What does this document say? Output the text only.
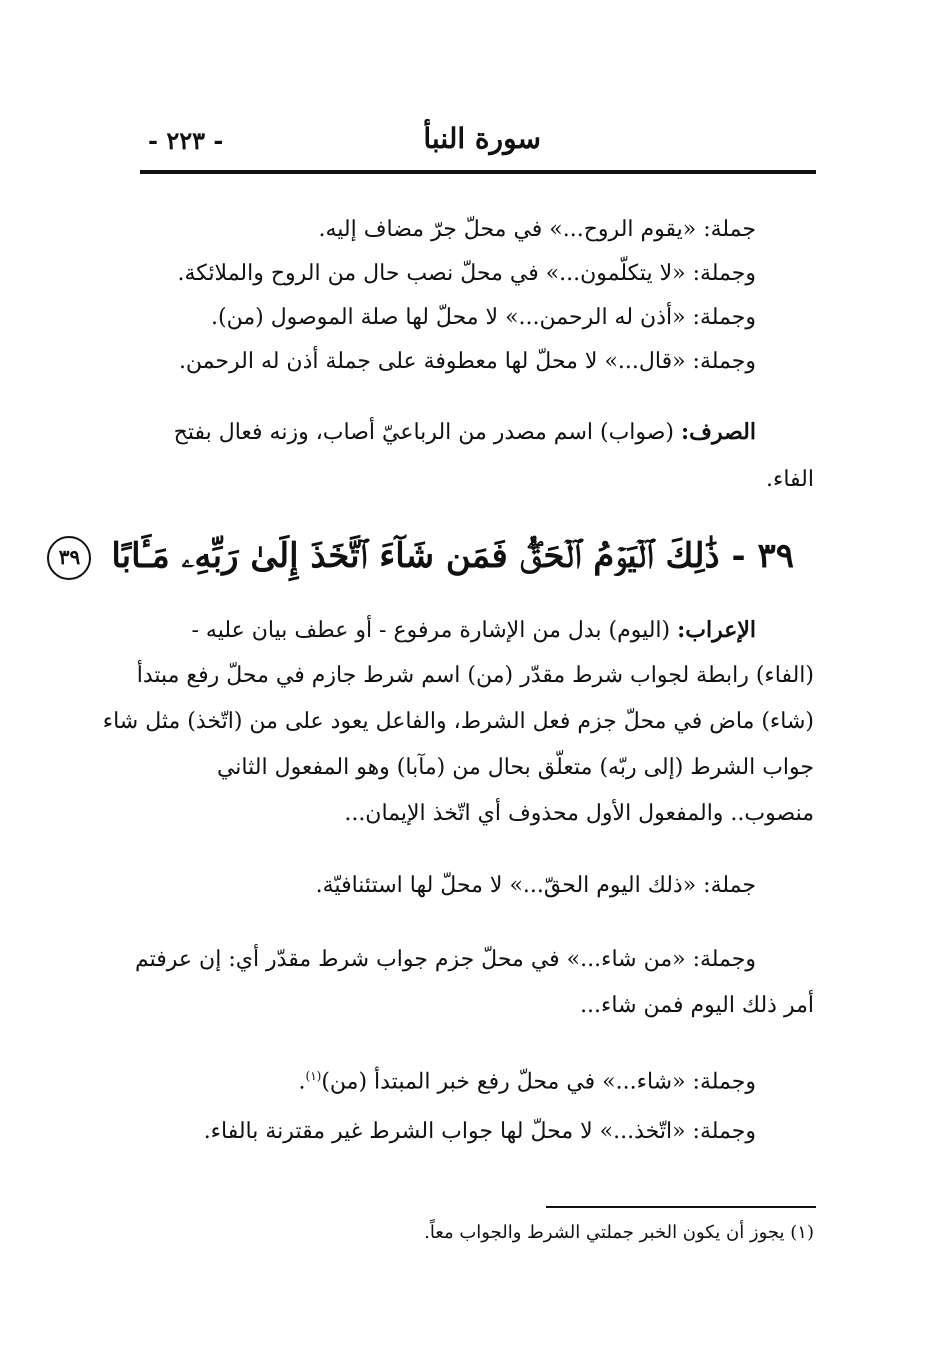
سورة النبأ
- ٢٢٣ -
جملة: «يقوم الروح...» في محلّ جرّ مضاف إليه.
وجملة: «لا يتكلّمون...» في محلّ نصب حال من الروح والملائكة.
وجملة: «أذن له الرحمن...» لا محلّ لها صلة الموصول (من).
وجملة: «قال...» لا محلّ لها معطوفة على جملة أذن له الرحمن.
الصرف: (صواب) اسم مصدر من الرباعيّ أصاب، وزنه فعال بفتح
الفاء.
٣٩ - ذَٰلِكَ ٱلۡيَوۡمُ ٱلۡحَقُّۖ فَمَن شَآءَ ٱتَّخَذَ إِلَىٰ رَبِّهِۦ مَـَٔابًا ٣٩
الإعراب: (اليوم) بدل من الإشارة مرفوع - أو عطف بيان عليه -
(الفاء) رابطة لجواب شرط مقدّر (من) اسم شرط جازم في محلّ رفع مبتدأ
(شاء) ماض في محلّ جزم فعل الشرط، والفاعل يعود على من (اتّخذ) مثل شاء
جواب الشرط (إلى ربّه) متعلّق بحال من (مآبا) وهو المفعول الثاني
منصوب.. والمفعول الأول محذوف أي اتّخذ الإيمان...
جملة: «ذلك اليوم الحقّ...» لا محلّ لها استئنافيّة.
وجملة: «من شاء...» في محلّ جزم جواب شرط مقدّر أي: إن عرفتم
أمر ذلك اليوم فمن شاء...
وجملة: «شاء...» في محلّ رفع خبر المبتدأ (من)$^{(١)}$.
وجملة: «اتّخذ...» لا محلّ لها جواب الشرط غير مقترنة بالفاء.
(١) يجوز أن يكون الخبر جملتي الشرط والجواب معاً.
